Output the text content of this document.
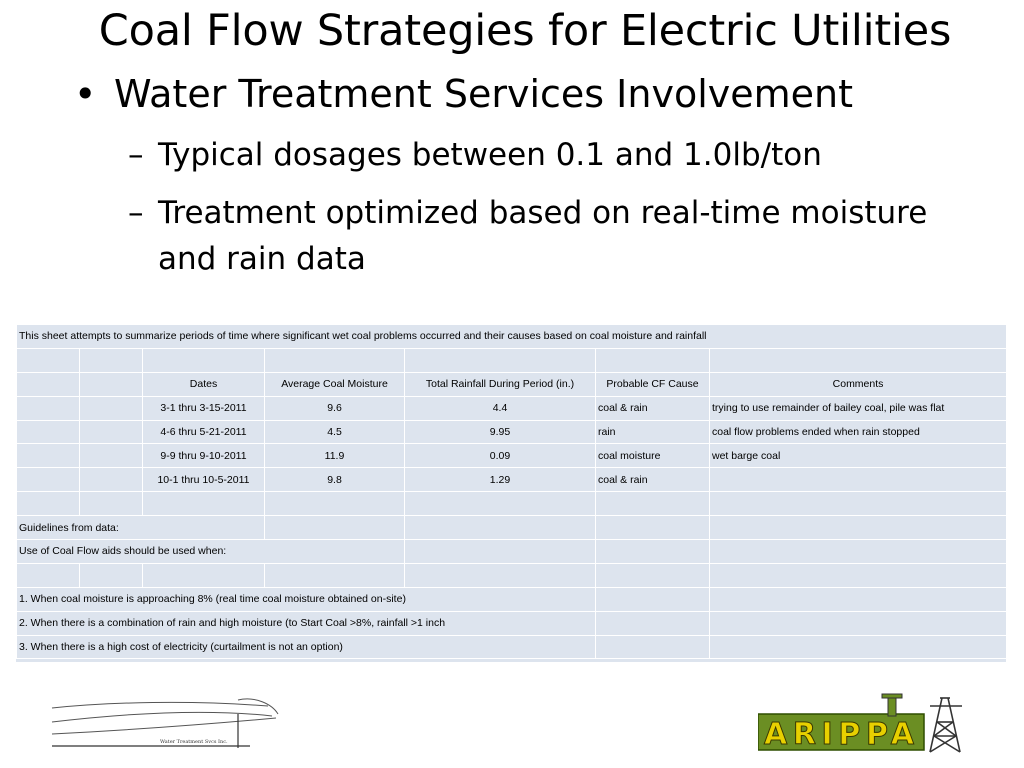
Coal Flow Strategies for Electric Utilities
• Water Treatment Services Involvement
– Typical dosages between 0.1 and 1.0lb/ton
– Treatment optimized based on real-time moisture
and rain data
This sheet attempts to summarize periods of time where significant wet coal problems occurred and their causes based on coal moisture and rainfall						

		Dates	Average Coal Moisture	Total Rainfall During Period (in.)	Probable CF Cause	Comments
		3-1 thru 3-15-2011	9.6	4.4	coal & rain	trying to use remainder of bailey coal, pile was flat
		4-6 thru 5-21-2011	4.5	9.95	rain	coal flow problems ended when rain stopped
		9-9 thru 9-10-2011	11.9	0.09	coal moisture	wet barge coal
		10-1 thru 10-5-2011	9.8	1.29	coal & rain	

Guidelines from data:						
Use of Coal Flow aids should be used when:						

1. When coal moisture is approaching 8% (real time coal moisture obtained on-site)						
2. When there is a combination of rain and high moisture (to Start Coal >8%, rainfall >1 inch						
3. When there is a high cost of electricity (curtailment is not an option)						
Water Treatment Svcs Inc.	ARIPPA
